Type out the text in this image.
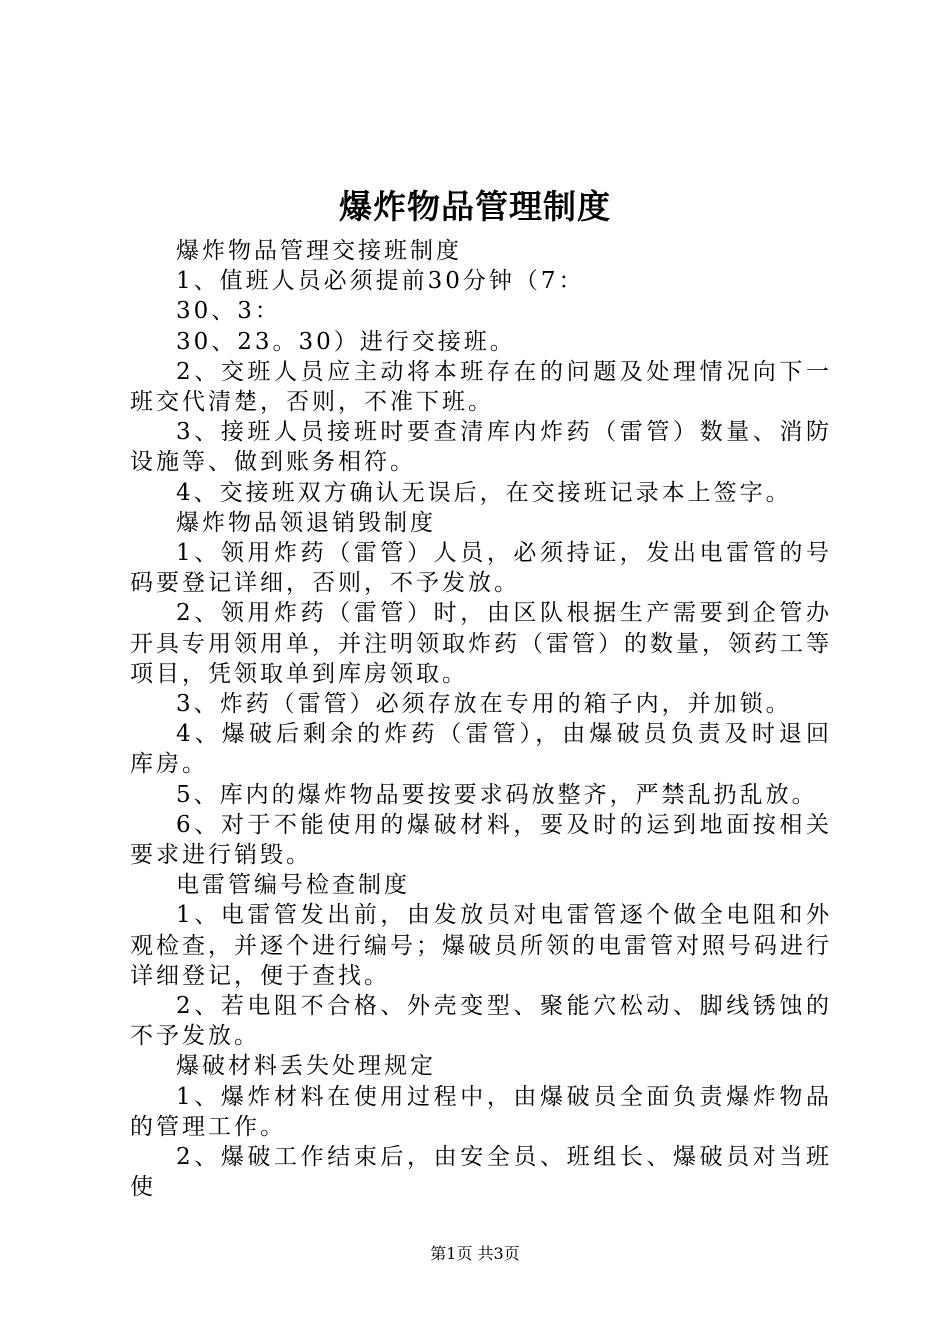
爆炸物品管理制度

爆炸物品管理交接班制度

1、值班人员必须提前30分钟（7：

30、3：

30、23。30）进行交接班。

2、交班人员应主动将本班存在的问题及处理情况向下一班交代清楚，否则，不准下班。

3、接班人员接班时要查清库内炸药（雷管）数量、消防设施等、做到账务相符。

4、交接班双方确认无误后，在交接班记录本上签字。

爆炸物品领退销毁制度

1、领用炸药（雷管）人员，必须持证，发出电雷管的号码要登记详细，否则，不予发放。

2、领用炸药（雷管）时，由区队根据生产需要到企管办开具专用领用单，并注明领取炸药（雷管）的数量，领药工等项目，凭领取单到库房领取。

3、炸药（雷管）必须存放在专用的箱子内，并加锁。

4、爆破后剩余的炸药（雷管），由爆破员负责及时退回库房。

5、库内的爆炸物品要按要求码放整齐，严禁乱扔乱放。

6、对于不能使用的爆破材料，要及时的运到地面按相关要求进行销毁。

电雷管编号检查制度

1、电雷管发出前，由发放员对电雷管逐个做全电阻和外观检查，并逐个进行编号；爆破员所领的电雷管对照号码进行详细登记，便于查找。

2、若电阻不合格、外壳变型、聚能穴松动、脚线锈蚀的不予发放。

爆破材料丢失处理规定

1、爆炸材料在使用过程中，由爆破员全面负责爆炸物品的管理工作。

2、爆破工作结束后，由安全员、班组长、爆破员对当班使

第1页 共3页
